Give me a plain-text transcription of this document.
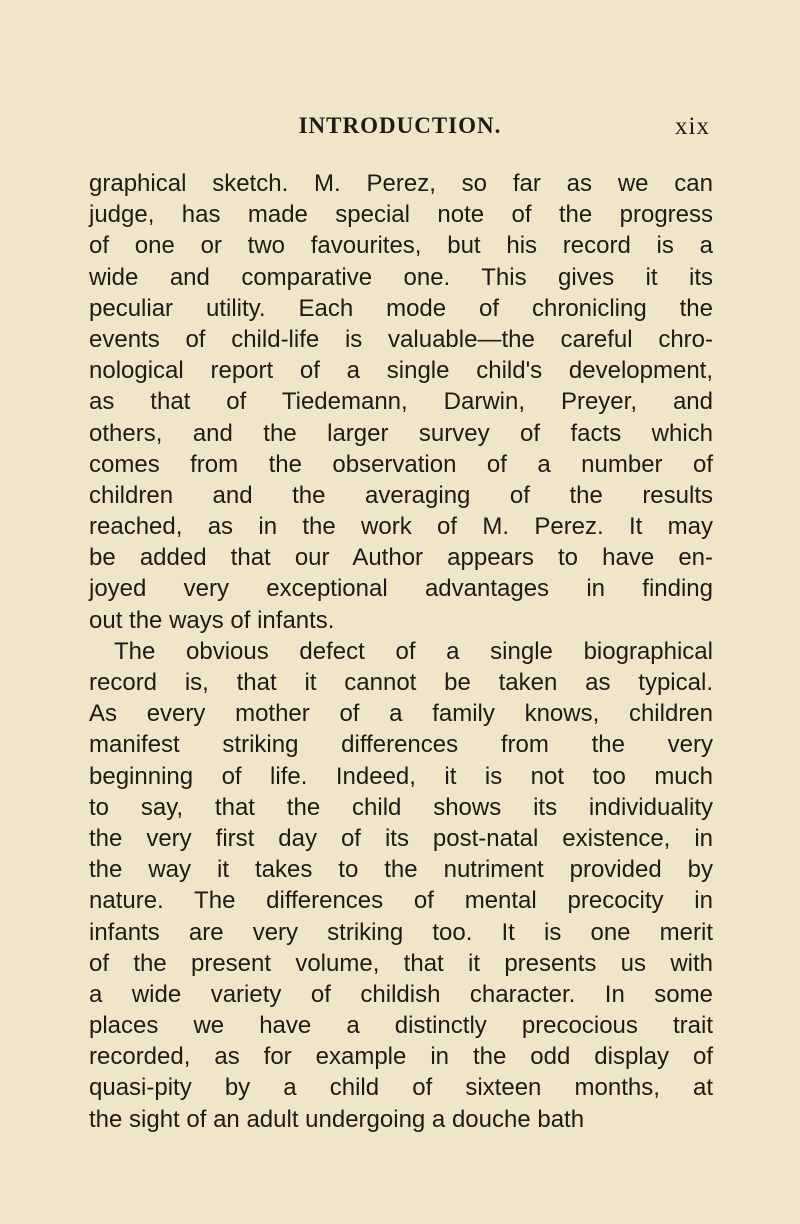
INTRODUCTION.	xix
graphical sketch. M. Perez, so far as we can
judge, has made special note of the progress
of one or two favourites, but his record is a
wide and comparative one. This gives it its
peculiar utility. Each mode of chronicling the
events of child-life is valuable—the careful chro-
nological report of a single child's development,
as that of Tiedemann, Darwin, Preyer, and
others, and the larger survey of facts which
comes from the observation of a number of
children and the averaging of the results
reached, as in the work of M. Perez. It may
be added that our Author appears to have en-
joyed very exceptional advantages in finding
out the ways of infants.
The obvious defect of a single biographical
record is, that it cannot be taken as typical.
As every mother of a family knows, children
manifest striking differences from the very
beginning of life. Indeed, it is not too much
to say, that the child shows its individuality
the very first day of its post-natal existence, in
the way it takes to the nutriment provided by
nature. The differences of mental precocity in
infants are very striking too. It is one merit
of the present volume, that it presents us with
a wide variety of childish character. In some
places we have a distinctly precocious trait
recorded, as for example in the odd display of
quasi-pity by a child of sixteen months, at
the sight of an adult undergoing a douche bath
